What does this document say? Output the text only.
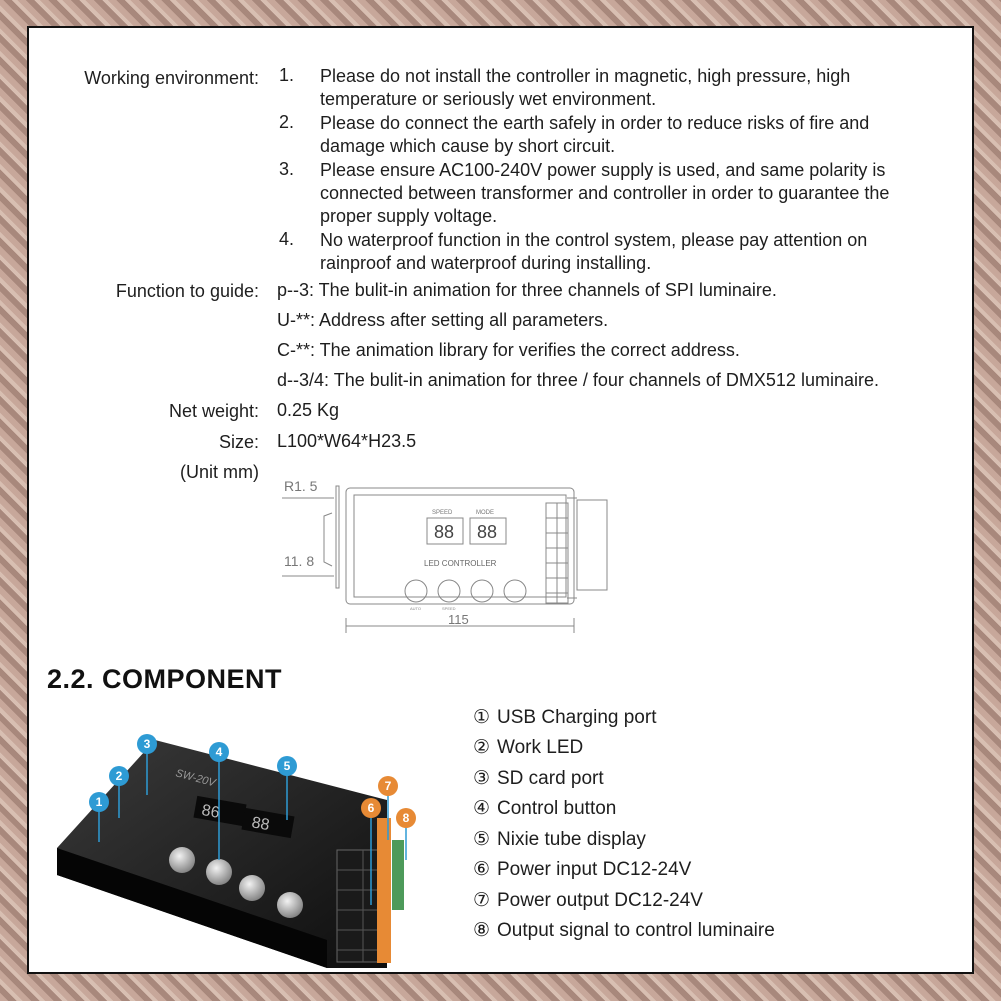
Working environment: 1. Please do not install the controller in magnetic, high pressure, high
temperature or seriously wet environment.
2. Please do connect the earth safely in order to reduce risks of fire and
damage which cause by short circuit.
3. Please ensure AC100-240V power supply is used, and same polarity is
connected between transformer and controller in order to guarantee the
proper supply voltage.
4. No waterproof function in the control system, please pay attention on
rainproof and waterproof during installing.
Function to guide: p--3: The bulit-in animation for three channels of SPI luminaire.
U-**: Address after setting all parameters.
C-**: The animation library for verifies the correct address.
d--3/4: The bulit-in animation for three / four channels of DMX512 luminaire.
Net weight: 0.25 Kg
Size: L100*W64*H23.5
(Unit mm)
88 88
R1. 5
11. 8
115
SPEED	MODE
LED CONTROLLER
AUTO	SPEED
2.2. COMPONENT
86
88
SW-20V
1
2
3
4
5
6
7
8
① USB Charging port
② Work LED
③ SD card port
④ Control button
⑤ Nixie tube display
⑥ Power input DC12-24V
⑦ Power output DC12-24V
⑧ Output signal to control luminaire
